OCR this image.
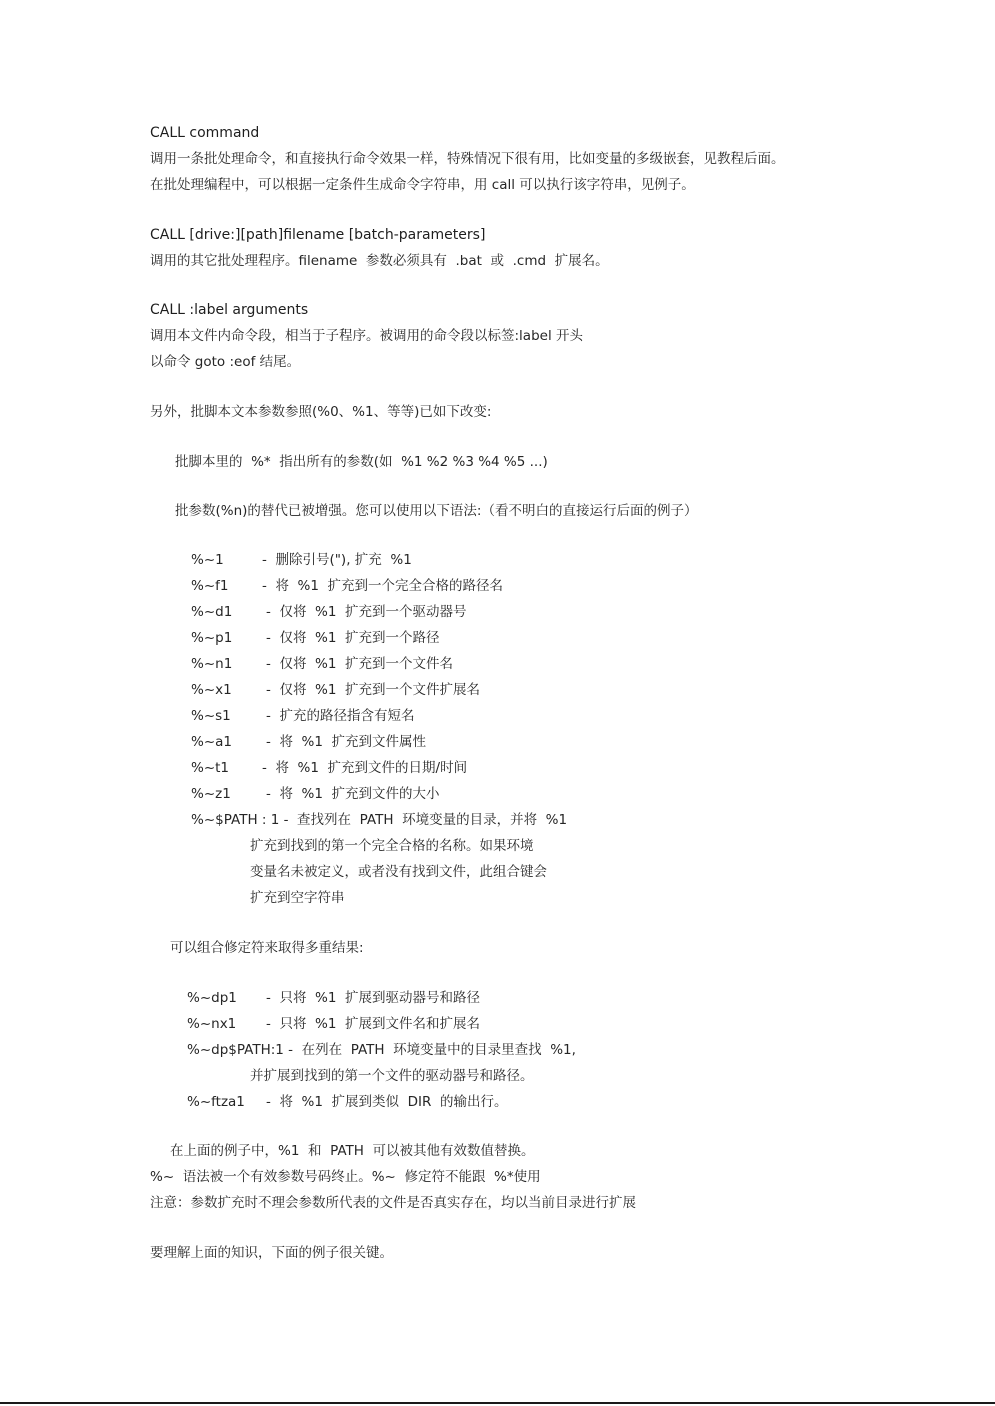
CALL command
调用一条批处理命令，和直接执行命令效果一样，特殊情况下很有用，比如变量的多级嵌套，见教程后面。
在批处理编程中，可以根据一定条件生成命令字符串，用 call 可以执行该字符串，见例子。
CALL [drive:][path]filename [batch-parameters]
调用的其它批处理程序。filename  参数必须具有  .bat  或  .cmd  扩展名。
CALL :label arguments
调用本文件内命令段，相当于子程序。被调用的命令段以标签:label 开头
以命令 goto :eof 结尾。
另外，批脚本文本参数参照(%0、%1、等等)已如下改变:
批脚本里的  %*  指出所有的参数(如  %1 %2 %3 %4 %5 ...)
批参数(%n)的替代已被增强。您可以使用以下语法:（看不明白的直接运行后面的例子）
%~1	-  删除引号("), 扩充  %1
%~f1 -  将  %1  扩充到一个完全合格的路径名
%~d1 -  仅将  %1  扩充到一个驱动器号
%~p1 -  仅将  %1  扩充到一个路径
%~n1 -  仅将  %1  扩充到一个文件名
%~x1	-  仅将  %1  扩充到一个文件扩展名
%~s1	-  扩充的路径指含有短名
%~a1	-  将  %1  扩充到文件属性
%~t1 -  将  %1  扩充到文件的日期/时间
%~z1	-  将  %1  扩充到文件的大小
%~$PATH : 1 -  查找列在  PATH  环境变量的目录，并将  %1
扩充到找到的第一个完全合格的名称。如果环境
变量名未被定义，或者没有找到文件，此组合键会
扩充到空字符串
可以组合修定符来取得多重结果:
%~dp1 -  只将  %1  扩展到驱动器号和路径
%~nx1 -  只将  %1  扩展到文件名和扩展名
%~dp$PATH:1 -  在列在  PATH  环境变量中的目录里查找  %1,
并扩展到找到的第一个文件的驱动器号和路径。
%~ftza1 -  将  %1  扩展到类似  DIR  的输出行。
在上面的例子中，%1  和  PATH  可以被其他有效数值替换。
%~  语法被一个有效参数号码终止。%~  修定符不能跟  %*使用
注意：参数扩充时不理会参数所代表的文件是否真实存在，均以当前目录进行扩展
要理解上面的知识，下面的例子很关键。
